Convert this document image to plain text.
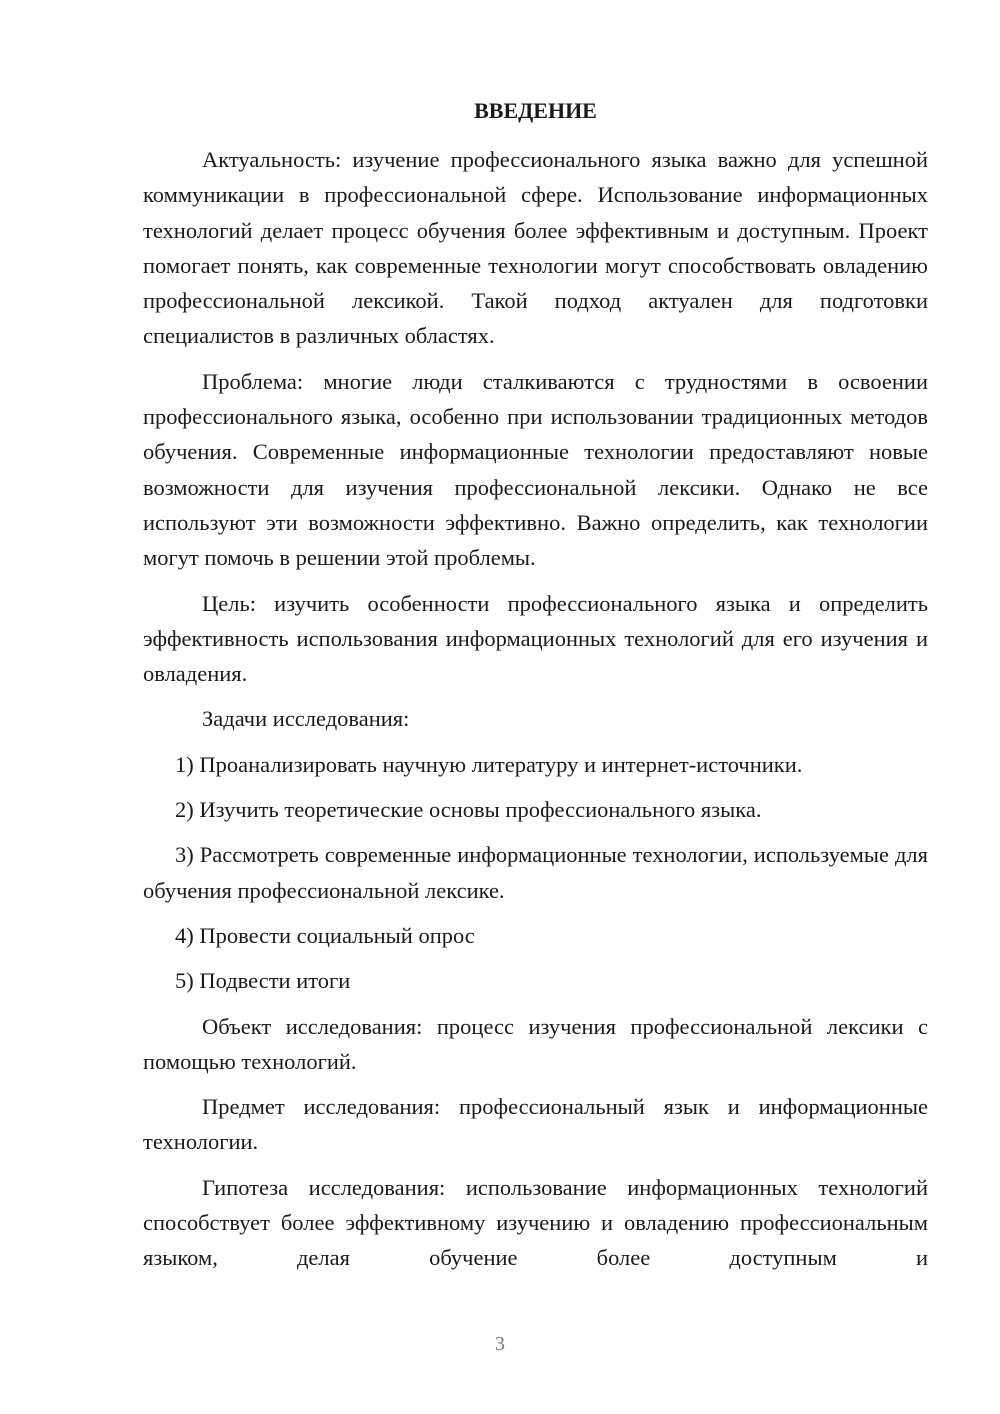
ВВЕДЕНИЕ

Актуальность: изучение профессионального языка важно для успешной коммуникации в профессиональной сфере. Использование информационных технологий делает процесс обучения более эффективным и доступным. Проект помогает понять, как современные технологии могут способствовать овладению профессиональной лексикой. Такой подход актуален для подготовки специалистов в различных областях.

Проблема: многие люди сталкиваются с трудностями в освоении профессионального языка, особенно при использовании традиционных методов обучения. Современные информационные технологии предоставляют новые возможности для изучения профессиональной лексики. Однако не все используют эти возможности эффективно. Важно определить, как технологии могут помочь в решении этой проблемы.

Цель: изучить особенности профессионального языка и определить эффективность использования информационных технологий для его изучения и овладения.

Задачи исследования:

1) Проанализировать научную литературу и интернет-источники.

2) Изучить теоретические основы профессионального языка.

3) Рассмотреть современные информационные технологии, используемые для обучения профессиональной лексике.

4) Провести социальный опрос

5) Подвести итоги

Объект исследования: процесс изучения профессиональной лексики с помощью технологий.

Предмет исследования: профессиональный язык и информационные технологии.

Гипотеза исследования: использование информационных технологий способствует более эффективному изучению и овладению профессиональным языком, делая обучение более доступным и

3
